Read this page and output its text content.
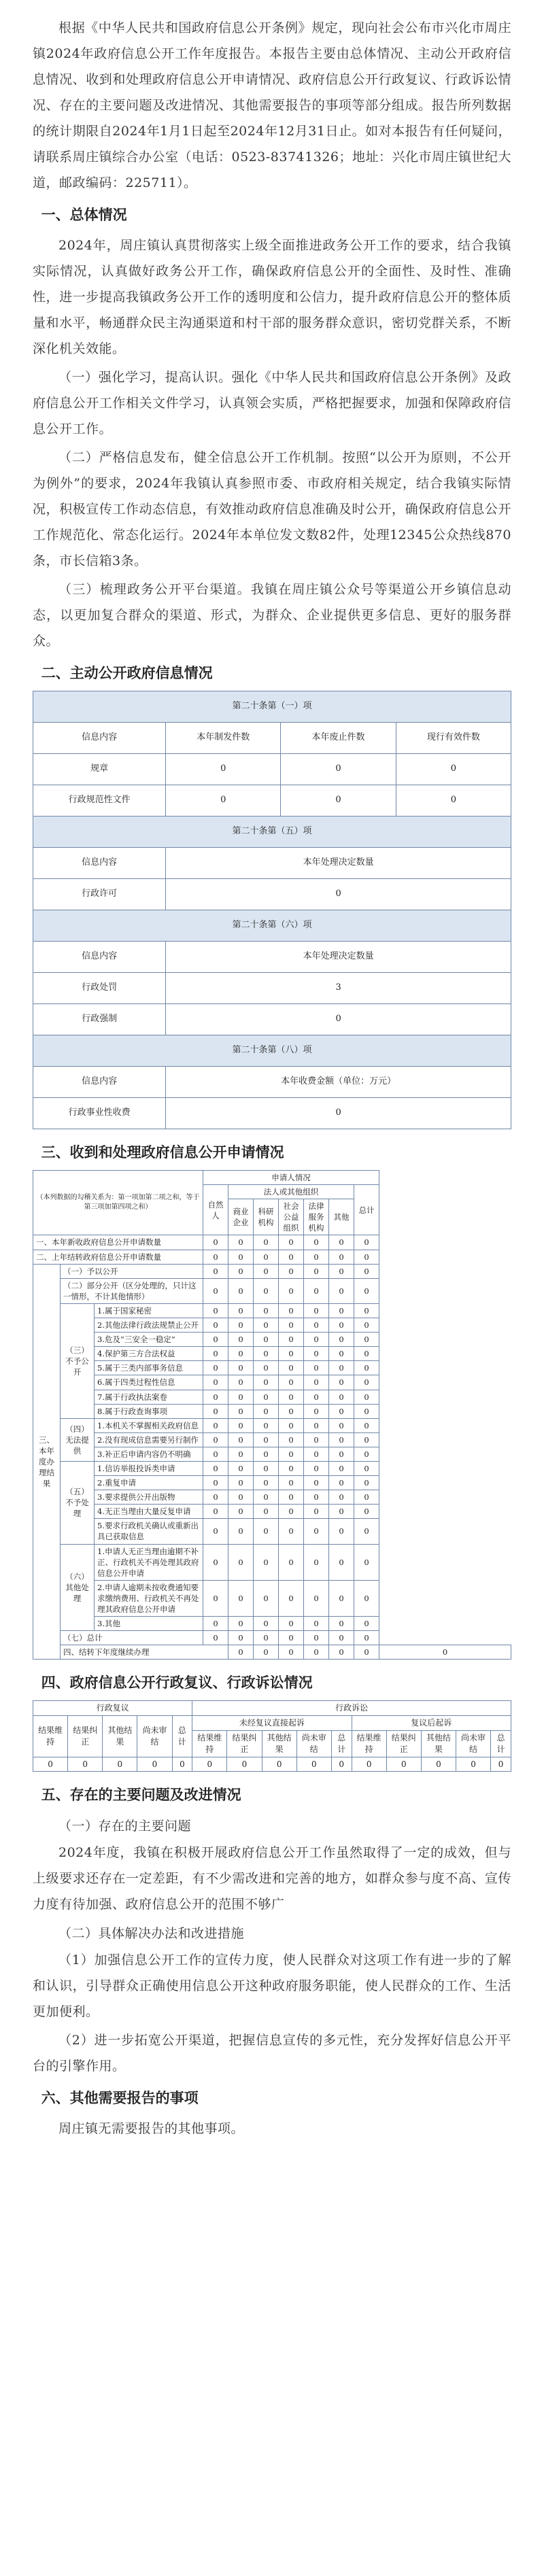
根据《中华人民共和国政府信息公开条例》规定，现向社会公布市兴化市周庄镇2024年政府信息公开工作年度报告。本报告主要由总体情况、主动公开政府信息情况、收到和处理政府信息公开申请情况、政府信息公开行政复议、行政诉讼情况、存在的主要问题及改进情况、其他需要报告的事项等部分组成。报告所列数据的统计期限自2024年1月1日起至2024年12月31日止。如对本报告有任何疑问，请联系周庄镇综合办公室（电话：0523-83741326；地址：兴化市周庄镇世纪大道，邮政编码：225711）。

一、总体情况

2024年，周庄镇认真贯彻落实上级全面推进政务公开工作的要求，结合我镇实际情况，认真做好政务公开工作，确保政府信息公开的全面性、及时性、准确性，进一步提高我镇政务公开工作的透明度和公信力，提升政府信息公开的整体质量和水平，畅通群众民主沟通渠道和村干部的服务群众意识，密切党群关系，不断深化机关效能。

（一）强化学习，提高认识。强化《中华人民共和国政府信息公开条例》及政府信息公开工作相关文件学习，认真领会实质，严格把握要求，加强和保障政府信息公开工作。

（二）严格信息发布，健全信息公开工作机制。按照“以公开为原则，不公开为例外”的要求，2024年我镇认真参照市委、市政府相关规定，结合我镇实际情况，积极宣传工作动态信息，有效推动政府信息准确及时公开，确保政府信息公开工作规范化、常态化运行。2024年本单位发文数82件，处理12345公众热线870条，市长信箱3条。

（三）梳理政务公开平台渠道。我镇在周庄镇公众号等渠道公开乡镇信息动态，以更加复合群众的渠道、形式，为群众、企业提供更多信息、更好的服务群众。

二、主动公开政府信息情况
第二十条第（一）项			
信息内容	本年制发件数	本年废止件数	现行有效件数
规章	0	0	0
行政规范性文件	0	0	0
第二十条第（五）项			
信息内容	本年处理决定数量		
行政许可	0		
第二十条第（六）项			
信息内容	本年处理决定数量		
行政处罚	3		
行政强制	0		
第二十条第（八）项			
信息内容	本年收费金额（单位：万元）		
行政事业性收费	0		
三、收到和处理政府信息公开申请情况
（本列数据的勾稽关系为：第一项加第二项之和，等于第三项加第四项之和）			申请人情况							
			自然人	法人或其他组织					总计	
				商业企业	科研机构	社会公益组织	法律服务机构	其他		
一、本年新收政府信息公开申请数量			0	0	0	0	0	0	0	
二、上年结转政府信息公开申请数量			0	0	0	0	0	0	0	
三、本年度办理结果	（一）予以公开		0	0	0	0	0	0	0	
	（二）部分公开（区分处理的，只计这一情形，不计其他情形）		0	0	0	0	0	0	0	
	（三）不予公开	1.属于国家秘密	0	0	0	0	0	0	0	
		2.其他法律行政法规禁止公开	0	0	0	0	0	0	0	
		3.危及“三安全一稳定”	0	0	0	0	0	0	0	
		4.保护第三方合法权益	0	0	0	0	0	0	0	
		5.属于三类内部事务信息	0	0	0	0	0	0	0	
		6.属于四类过程性信息	0	0	0	0	0	0	0	
		7.属于行政执法案卷	0	0	0	0	0	0	0	
		8.属于行政查询事项	0	0	0	0	0	0	0	
	（四）无法提供	1.本机关不掌握相关政府信息	0	0	0	0	0	0	0	
		2.没有现成信息需要另行制作	0	0	0	0	0	0	0	
		3.补正后申请内容仍不明确	0	0	0	0	0	0	0	
	（五）不予处理	1.信访举报投诉类申请	0	0	0	0	0	0	0	
		2.重复申请	0	0	0	0	0	0	0	
		3.要求提供公开出版物	0	0	0	0	0	0	0	
		4.无正当理由大量反复申请	0	0	0	0	0	0	0	
		5.要求行政机关确认或重新出具已获取信息	0	0	0	0	0	0	0	
	（六）其他处理	1.申请人无正当理由逾期不补正、行政机关不再处理其政府信息公开申请	0	0	0	0	0	0	0	
		2.申请人逾期未按收费通知要求缴纳费用、行政机关不再处理其政府信息公开申请	0	0	0	0	0	0	0	
		3.其他	0	0	0	0	0	0	0	
	（七）总计		0	0	0	0	0	0	0	
	四、结转下年度继续办理			0	0	0	0	0	0	0
四、政府信息公开行政复议、行政诉讼情况
行政复议					行政诉讼									
结果维持	结果纠正	其他结果	尚未审结	总计	未经复议直接起诉					复议后起诉				
					结果维持	结果纠正	其他结果	尚未审结	总计	结果维持	结果纠正	其他结果	尚未审结	总计
0	0	0	0	0	0	0	0	0	0	0	0	0	0	0
五、存在的主要问题及改进情况

（一）存在的主要问题

2024年度，我镇在积极开展政府信息公开工作虽然取得了一定的成效，但与上级要求还存在一定差距，有不少需改进和完善的地方，如群众参与度不高、宣传力度有待加强、政府信息公开的范围不够广

（二）具体解决办法和改进措施

（1）加强信息公开工作的宣传力度，使人民群众对这项工作有进一步的了解和认识，引导群众正确使用信息公开这种政府服务职能，使人民群众的工作、生活更加便利。

（2）进一步拓宽公开渠道，把握信息宣传的多元性，充分发挥好信息公开平台的引擎作用。

六、其他需要报告的事项

周庄镇无需要报告的其他事项。
